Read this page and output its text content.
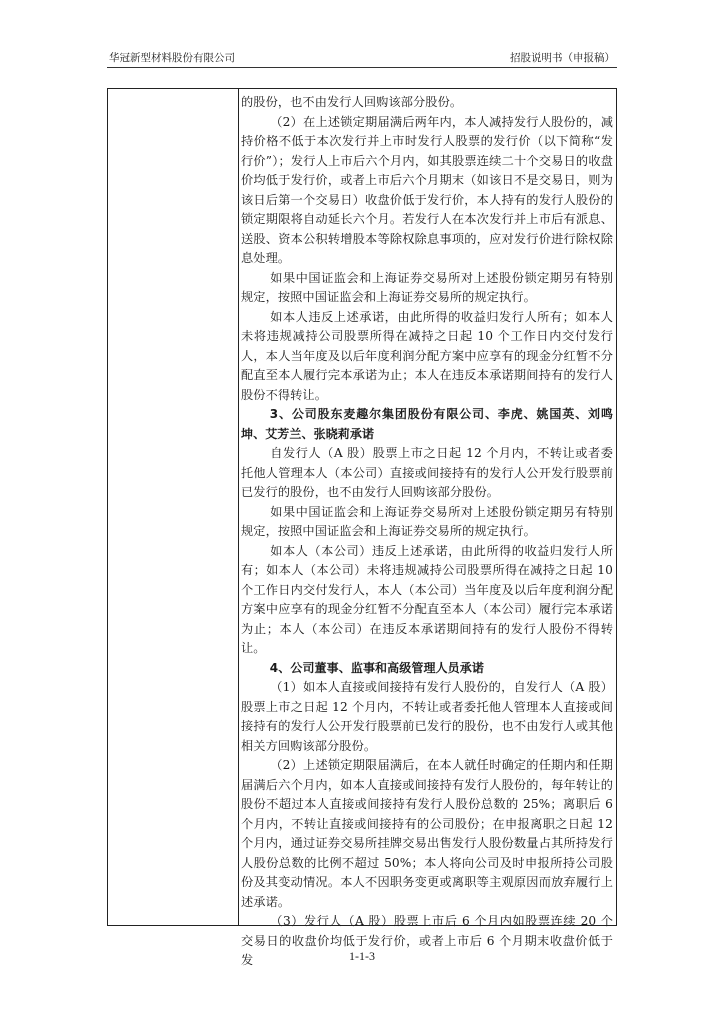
华冠新型材料股份有限公司	招股说明书（申报稿）

的股份，也不由发行人回购该部分股份。

（2）在上述锁定期届满后两年内，本人减持发行人股份的，减持价格不低于本次发行并上市时发行人股票的发行价（以下简称“发行价”）；发行人上市后六个月内，如其股票连续二十个交易日的收盘价均低于发行价，或者上市后六个月期末（如该日不是交易日，则为该日后第一个交易日）收盘价低于发行价，本人持有的发行人股份的锁定期限将自动延长六个月。若发行人在本次发行并上市后有派息、送股、资本公积转增股本等除权除息事项的，应对发行价进行除权除息处理。

如果中国证监会和上海证券交易所对上述股份锁定期另有特别规定，按照中国证监会和上海证券交易所的规定执行。

如本人违反上述承诺，由此所得的收益归发行人所有；如本人未将违规减持公司股票所得在减持之日起 10 个工作日内交付发行人，本人当年度及以后年度利润分配方案中应享有的现金分红暂不分配直至本人履行完本承诺为止；本人在违反本承诺期间持有的发行人股份不得转让。

3、公司股东麦趣尔集团股份有限公司、李虎、姚国英、刘鸣坤、艾芳兰、张晓莉承诺

自发行人（A 股）股票上市之日起 12 个月内，不转让或者委托他人管理本人（本公司）直接或间接持有的发行人公开发行股票前已发行的股份，也不由发行人回购该部分股份。

如果中国证监会和上海证券交易所对上述股份锁定期另有特别规定，按照中国证监会和上海证券交易所的规定执行。

如本人（本公司）违反上述承诺，由此所得的收益归发行人所有；如本人（本公司）未将违规减持公司股票所得在减持之日起 10 个工作日内交付发行人，本人（本公司）当年度及以后年度利润分配方案中应享有的现金分红暂不分配直至本人（本公司）履行完本承诺为止；本人（本公司）在违反本承诺期间持有的发行人股份不得转让。

4、公司董事、监事和高级管理人员承诺

（1）如本人直接或间接持有发行人股份的，自发行人（A 股）股票上市之日起 12 个月内，不转让或者委托他人管理本人直接或间接持有的发行人公开发行股票前已发行的股份，也不由发行人或其他相关方回购该部分股份。

（2）上述锁定期限届满后，在本人就任时确定的任期内和任期届满后六个月内，如本人直接或间接持有发行人股份的，每年转让的股份不超过本人直接或间接持有发行人股份总数的 25%；离职后 6 个月内，不转让直接或间接持有的公司股份；在申报离职之日起 12 个月内，通过证券交易所挂牌交易出售发行人股份数量占其所持发行人股份总数的比例不超过 50%；本人将向公司及时申报所持公司股份及其变动情况。本人不因职务变更或离职等主观原因而放弃履行上述承诺。

（3）发行人（A 股）股票上市后 6 个月内如股票连续 20 个交易日的收盘价均低于发行价，或者上市后 6 个月期末收盘价低于发	1-1-3
